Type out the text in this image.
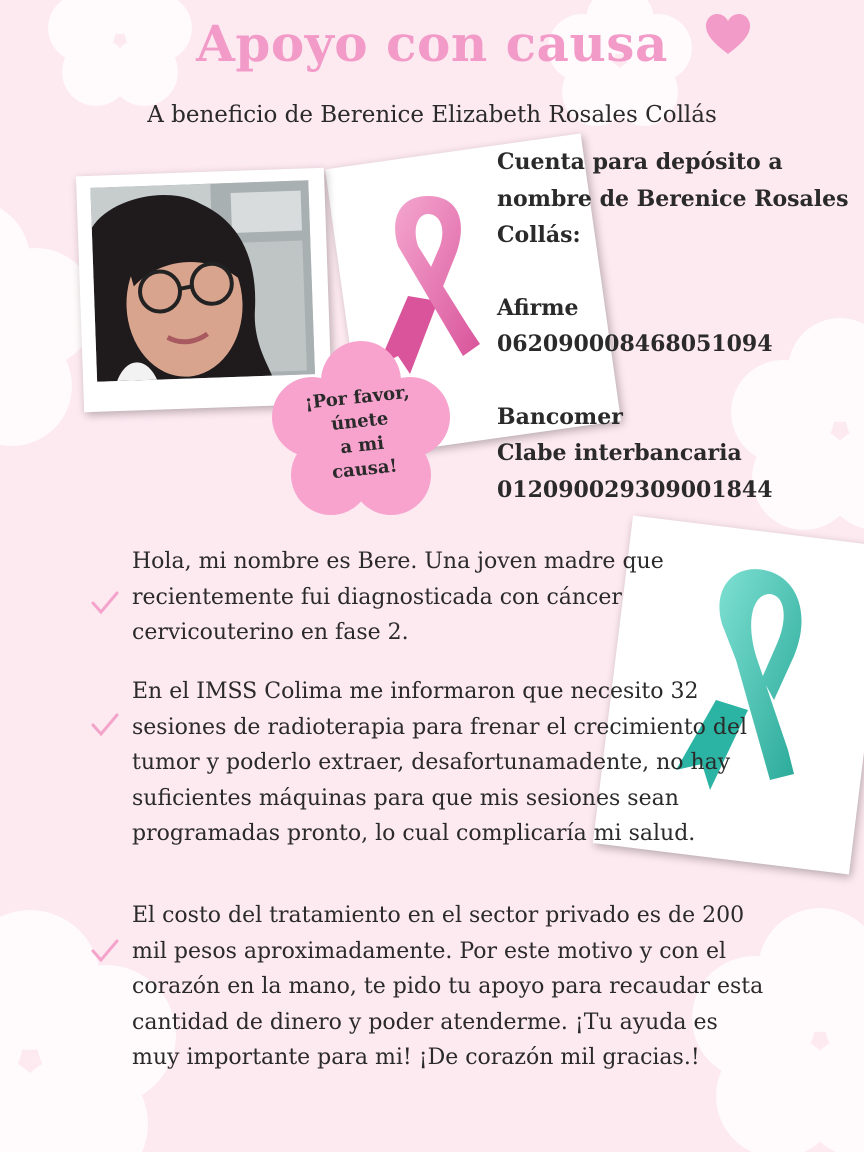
Apoyo con causa
A beneficio de Berenice Elizabeth Rosales Collás
¡Por favor,
únete
a mi
causa!
Cuenta para depósito a
nombre de Berenice Rosales
Collás:
Afirme
062090008468051094
Bancomer
Clabe interbancaria
012090029309001844
Hola, mi nombre es Bere. Una joven madre que recientemente fui diagnosticada con cáncer cervicouterino en fase 2.
En el IMSS Colima me informaron que necesito 32 sesiones de radioterapia para frenar el crecimiento del tumor y poderlo extraer, desafortunamadente, no hay suficientes máquinas para que mis sesiones sean programadas pronto, lo cual complicaría mi salud.
El costo del tratamiento en el sector privado es de 200 mil pesos aproximadamente. Por este motivo y con el corazón en la mano, te pido tu apoyo para recaudar esta cantidad de dinero y poder atenderme. ¡Tu ayuda es muy importante para mi! ¡De corazón mil gracias.!
